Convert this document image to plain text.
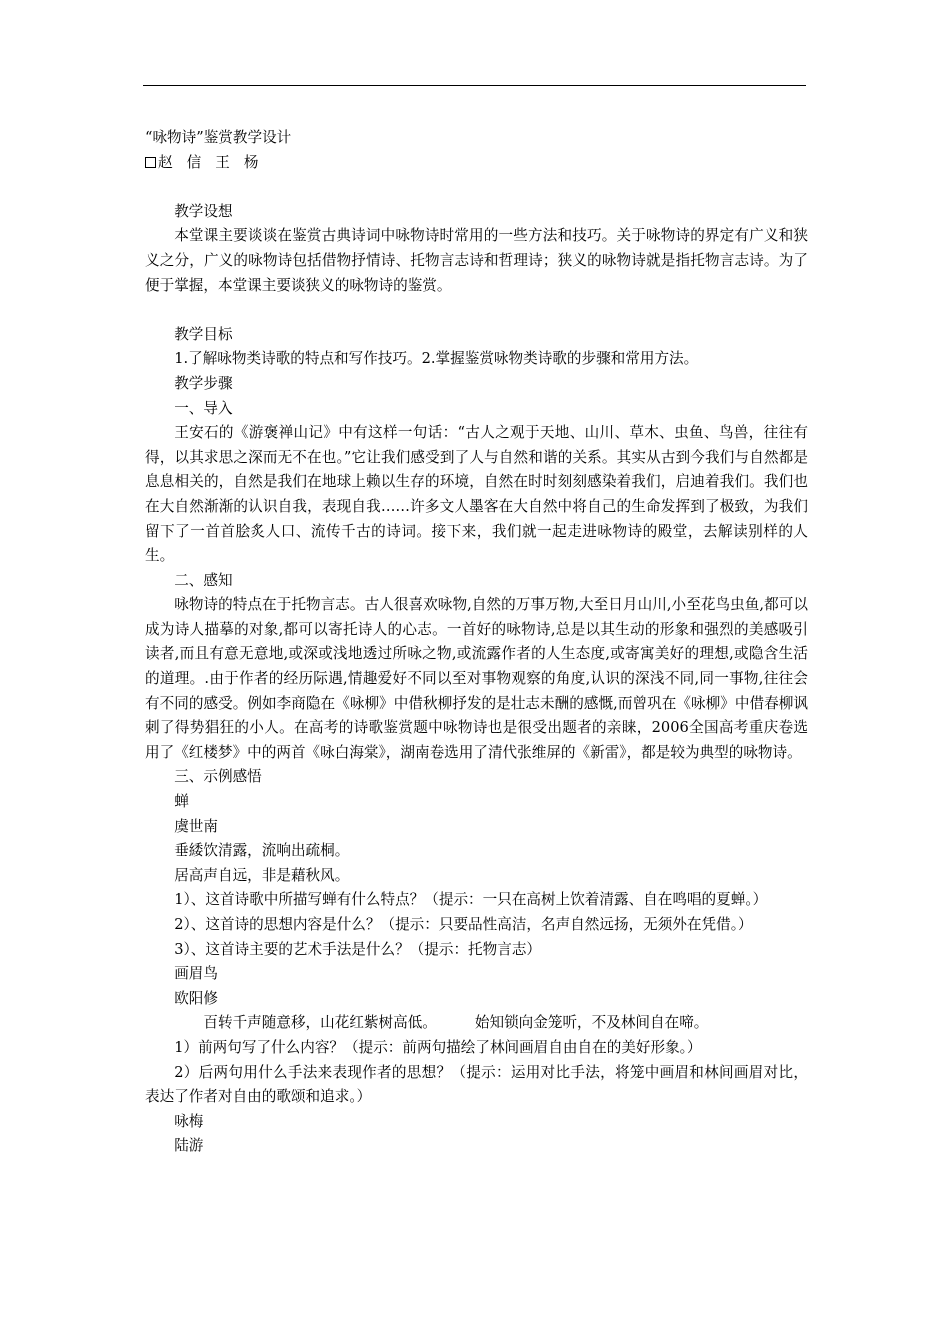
“咏物诗”鉴赏教学设计

赵 信 王 杨

教学设想

本堂课主要谈谈在鉴赏古典诗词中咏物诗时常用的一些方法和技巧。关于咏物诗的界定有广义和狭义之分，广义的咏物诗包括借物抒情诗、托物言志诗和哲理诗；狭义的咏物诗就是指托物言志诗。为了便于掌握，本堂课主要谈狭义的咏物诗的鉴赏。

教学目标

1.了解咏物类诗歌的特点和写作技巧。2.掌握鉴赏咏物类诗歌的步骤和常用方法。

教学步骤

一、导入

王安石的《游褒禅山记》中有这样一句话：“古人之观于天地、山川、草木、虫鱼、鸟兽，往往有得，以其求思之深而无不在也。”它让我们感受到了人与自然和谐的关系。其实从古到今我们与自然都是息息相关的，自然是我们在地球上赖以生存的环境，自然在时时刻刻感染着我们，启迪着我们。我们也在大自然渐渐的认识自我，表现自我……许多文人墨客在大自然中将自己的生命发挥到了极致，为我们留下了一首首脍炙人口、流传千古的诗词。接下来，我们就一起走进咏物诗的殿堂，去解读别样的人生。

二、感知

咏物诗的特点在于托物言志。古人很喜欢咏物,自然的万事万物,大至日月山川,小至花鸟虫鱼,都可以成为诗人描摹的对象,都可以寄托诗人的心志。一首好的咏物诗,总是以其生动的形象和强烈的美感吸引读者,而且有意无意地,或深或浅地透过所咏之物,或流露作者的人生态度,或寄寓美好的理想,或隐含生活的道理。.由于作者的经历际遇,情趣爱好不同以至对事物观察的角度,认识的深浅不同,同一事物,往往会有不同的感受。例如李商隐在《咏柳》中借秋柳抒发的是壮志未酬的感慨,而曾巩在《咏柳》中借春柳讽刺了得势猖狂的小人。在高考的诗歌鉴赏题中咏物诗也是很受出题者的亲睐，2006全国高考重庆卷选用了《红楼梦》中的两首《咏白海棠》，湖南卷选用了清代张维屏的《新雷》，都是较为典型的咏物诗。

三、示例感悟

蝉

虞世南

垂緌饮清露，流响出疏桐。

居高声自远，非是藉秋风。

1）、这首诗歌中所描写蝉有什么特点？（提示：一只在高树上饮着清露、自在鸣唱的夏蝉。）

2）、这首诗的思想内容是什么？（提示：只要品性高洁，名声自然远扬，无须外在凭借。）

3）、这首诗主要的艺术手法是什么？（提示：托物言志）

画眉鸟

欧阳修

百转千声随意移，山花红紫树高低。	始知锁向金笼听，不及林间自在啼。

1）前两句写了什么内容？（提示：前两句描绘了林间画眉自由自在的美好形象。）

2）后两句用什么手法来表现作者的思想？（提示：运用对比手法，将笼中画眉和林间画眉对比，表达了作者对自由的歌颂和追求。）

咏梅

陆游
